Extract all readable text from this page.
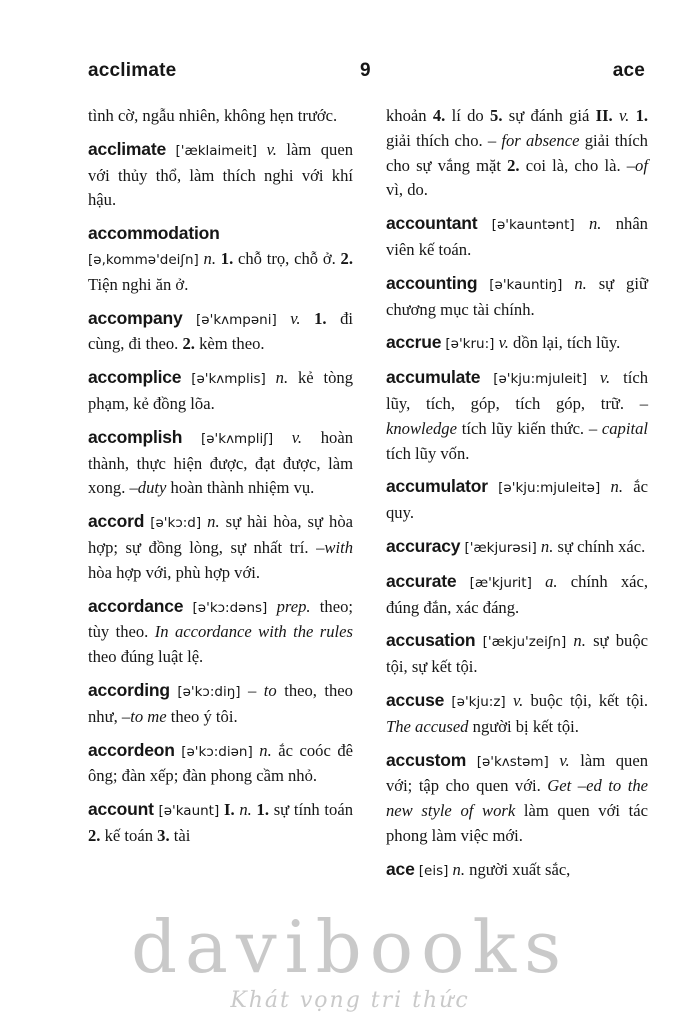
acclimate	9	ace
tình cờ, ngẫu nhiên, không hẹn trước.
acclimate ['æklaimeit] v. làm quen với thủy thổ, làm thích nghi với khí hậu.
accommodation
[ə,kommə'deiʃn] n. 1. chỗ trọ, chỗ ở. 2. Tiện nghi ăn ở.
accompany [ə'kʌmpəni] v. 1. đi cùng, đi theo. 2. kèm theo.
accomplice [ə'kʌmplis] n. kẻ tòng phạm, kẻ đồng lõa.
accomplish [ə'kʌmpliʃ] v. hoàn thành, thực hiện được, đạt được, làm xong. –duty hoàn thành nhiệm vụ.
accord [ə'kɔ:d] n. sự hài hòa, sự hòa hợp; sự đồng lòng, sự nhất trí. –with hòa hợp với, phù hợp với.
accordance [ə'kɔ:dəns] prep. theo; tùy theo. In accordance with the rules theo đúng luật lệ.
according [ə'kɔ:diŋ] – to theo, theo như, –to me theo ý tôi.
accordeon [ə'kɔ:diən] n. ắc coóc đê ông; đàn xếp; đàn phong cầm nhỏ.
account [ə'kaunt] I. n. 1. sự tính toán 2. kế toán 3. tài
khoản 4. lí do 5. sự đánh giá II. v. 1. giải thích cho. – for absence giải thích cho sự vắng mặt 2. coi là, cho là. –of vì, do.
accountant [ə'kauntənt] n. nhân viên kế toán.
accounting [ə'kauntiŋ] n. sự giữ chương mục tài chính.
accrue [ə'kru:] v. dồn lại, tích lũy.
accumulate [ə'kju:mjuleit] v. tích lũy, tích, góp, tích góp, trữ. –knowledge tích lũy kiến thức. – capital tích lũy vốn.
accumulator [ə'kju:mjuleitə] n. ắc quy.
accuracy ['ækjurəsi] n. sự chính xác.
accurate [æ'kjurit] a. chính xác, đúng đắn, xác đáng.
accusation ['ækju'zeiʃn] n. sự buộc tội, sự kết tội.
accuse [ə'kju:z] v. buộc tội, kết tội. The accused người bị kết tội.
accustom [ə'kʌstəm] v. làm quen với; tập cho quen với. Get –ed to the new style of work làm quen với tác phong làm việc mới.
ace [eis] n. người xuất sắc,
davibooks
Khát vọng tri thức
